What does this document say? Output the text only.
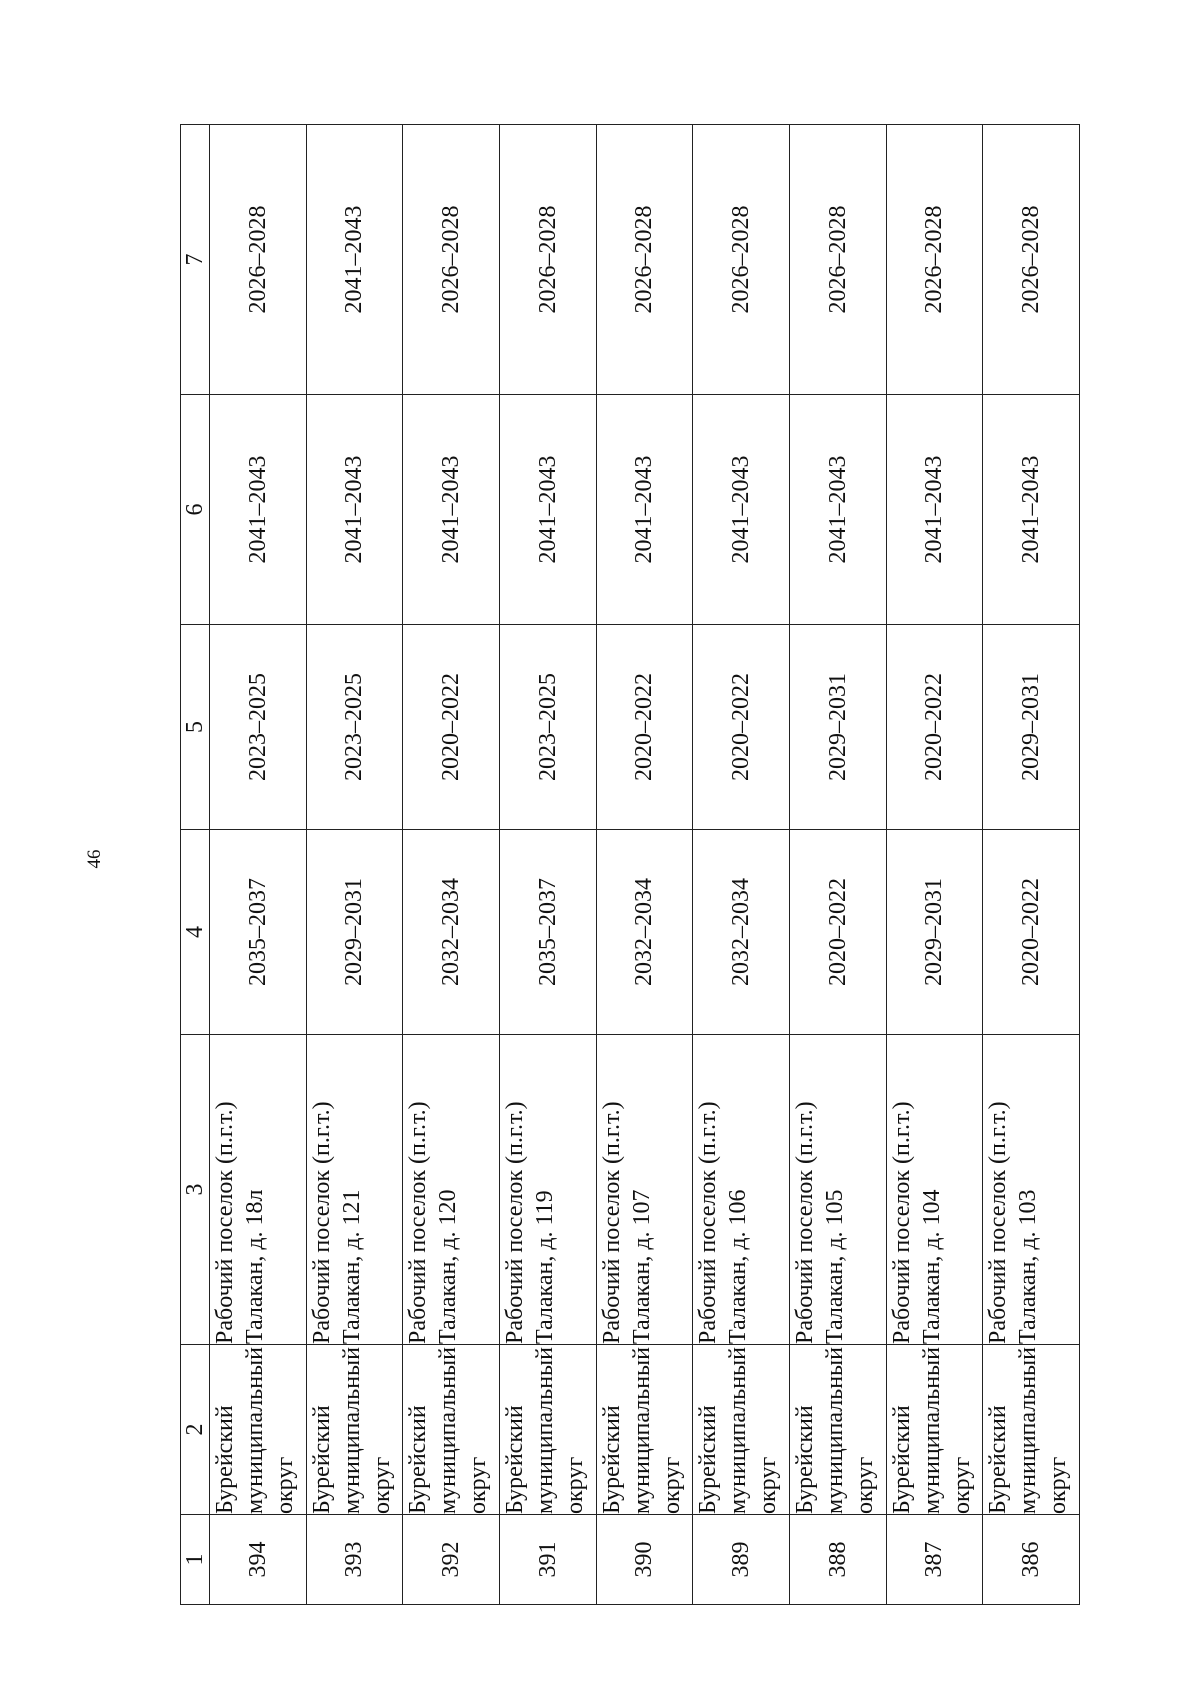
46
1	2	3	4	5	6	7
394	Бурейский муниципальный округ	Рабочий поселок (п.г.т.) Талакан, д. 18л	2035–2037	2023–2025	2041–2043	2026–2028
393	Бурейский муниципальный округ	Рабочий поселок (п.г.т.) Талакан, д. 121	2029–2031	2023–2025	2041–2043	2041–2043
392	Бурейский муниципальный округ	Рабочий поселок (п.г.т.) Талакан, д. 120	2032–2034	2020–2022	2041–2043	2026–2028
391	Бурейский муниципальный округ	Рабочий поселок (п.г.т.) Талакан, д. 119	2035–2037	2023–2025	2041–2043	2026–2028
390	Бурейский муниципальный округ	Рабочий поселок (п.г.т.) Талакан, д. 107	2032–2034	2020–2022	2041–2043	2026–2028
389	Бурейский муниципальный округ	Рабочий поселок (п.г.т.) Талакан, д. 106	2032–2034	2020–2022	2041–2043	2026–2028
388	Бурейский муниципальный округ	Рабочий поселок (п.г.т.) Талакан, д. 105	2020–2022	2029–2031	2041–2043	2026–2028
387	Бурейский муниципальный округ	Рабочий поселок (п.г.т.) Талакан, д. 104	2029–2031	2020–2022	2041–2043	2026–2028
386	Бурейский муниципальный округ	Рабочий поселок (п.г.т.) Талакан, д. 103	2020–2022	2029–2031	2041–2043	2026–2028
